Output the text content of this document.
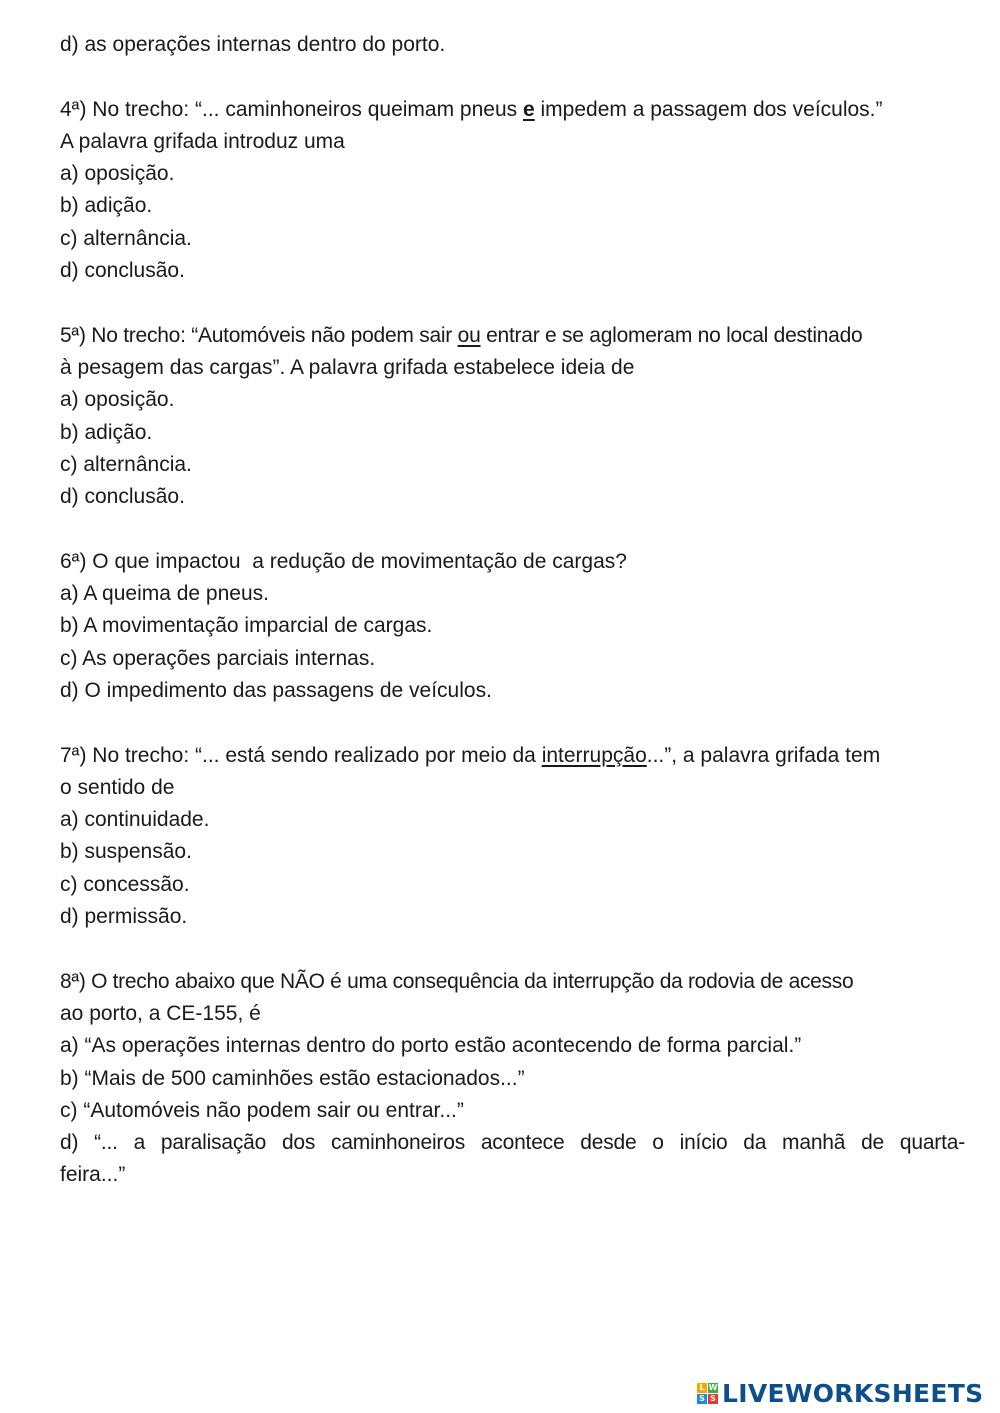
d) as operações internas dentro do porto.
4ª) No trecho: “... caminhoneiros queimam pneus e impedem a passagem dos veículos.”
A palavra grifada introduz uma
a) oposição.
b) adição.
c) alternância.
d) conclusão.
5ª) No trecho: “Automóveis não podem sair ou entrar e se aglomeram no local destinado
à pesagem das cargas”. A palavra grifada estabelece ideia de
a) oposição.
b) adição.
c) alternância.
d) conclusão.
6ª) O que impactou  a redução de movimentação de cargas?
a) A queima de pneus.
b) A movimentação imparcial de cargas.
c) As operações parciais internas.
d) O impedimento das passagens de veículos.
7ª) No trecho: “... está sendo realizado por meio da interrupção...”, a palavra grifada tem
o sentido de
a) continuidade.
b) suspensão.
c) concessão.
d) permissão.
8ª) O trecho abaixo que NÃO é uma consequência da interrupção da rodovia de acesso
ao porto, a CE-155, é
a) “As operações internas dentro do porto estão acontecendo de forma parcial.”
b) “Mais de 500 caminhões estão estacionados...”
c) “Automóveis não podem sair ou entrar...”
d) “... a paralisação dos caminhoneiros acontece desde o início da manhã de quarta-
feira...”
L W
S S LIVEWORKSHEETS
